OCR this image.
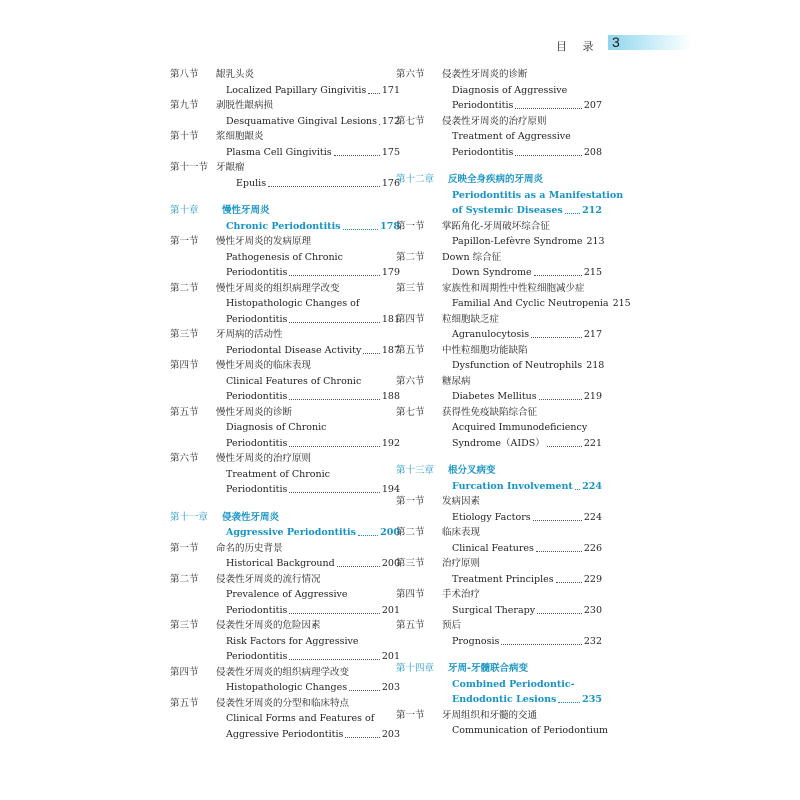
目 录 3
第八节	龈乳头炎
Localized Papillary Gingivitis 171
第九节	剥脱性龈病损
Desquamative Gingival Lesions 172
第十节	浆细胞龈炎
Plasma Cell Gingivitis	175
第十一节 牙龈瘤
Epulis	176
第十章	慢性牙周炎
Chronic Periodontitis	178
第一节	慢性牙周炎的发病原理
Pathogenesis of Chronic
Periodontitis	179
第二节	慢性牙周炎的组织病理学改变
Histopathologic Changes of
Periodontitis	181
第三节	牙周病的活动性
Periodontal Disease Activity 187
第四节	慢性牙周炎的临床表现
Clinical Features of Chronic
Periodontitis	188
第五节	慢性牙周炎的诊断
Diagnosis of Chronic
Periodontitis	192
第六节	慢性牙周炎的治疗原则
Treatment of Chronic
Periodontitis	194
第十一章	侵袭性牙周炎
Aggressive Periodontitis	200
第一节	命名的历史背景
Historical Background	200
第二节	侵袭性牙周炎的流行情况
Prevalence of Aggressive
Periodontitis	201
第三节	侵袭性牙周炎的危险因素
Risk Factors for Aggressive
Periodontitis	201
第四节	侵袭性牙周炎的组织病理学改变
Histopathologic Changes	203
第五节	侵袭性牙周炎的分型和临床特点
Clinical Forms and Features of
Aggressive Periodontitis	203
第六节	侵袭性牙周炎的诊断
Diagnosis of Aggressive
Periodontitis	207
第七节	侵袭性牙周炎的治疗原则
Treatment of Aggressive
Periodontitis	208
第十二章	反映全身疾病的牙周炎
Periodontitis as a Manifestation
of Systemic Diseases 212
第一节	掌跖角化-牙周破坏综合征
Papillon-Lefèvre Syndrome 213
第二节	Down 综合征
Down Syndrome	215
第三节	家族性和周期性中性粒细胞减少症
Familial And Cyclic Neutropenia 215
第四节	粒细胞缺乏症
Agranulocytosis	217
第五节	中性粒细胞功能缺陷
Dysfunction of Neutrophils 218
第六节	糖尿病
Diabetes Mellitus	219
第七节	获得性免疫缺陷综合征
Acquired Immunodeficiency
Syndrome（AIDS）	221
第十三章	根分叉病变
Furcation Involvement 224
第一节	发病因素
Etiology Factors	224
第二节	临床表现
Clinical Features	226
第三节	治疗原则
Treatment Principles	229
第四节	手术治疗
Surgical Therapy	230
第五节	预后
Prognosis	232
第十四章	牙周-牙髓联合病变
Combined Periodontic-
Endodontic Lesions	235
第一节	牙周组织和牙髓的交通
Communication of Periodontium
